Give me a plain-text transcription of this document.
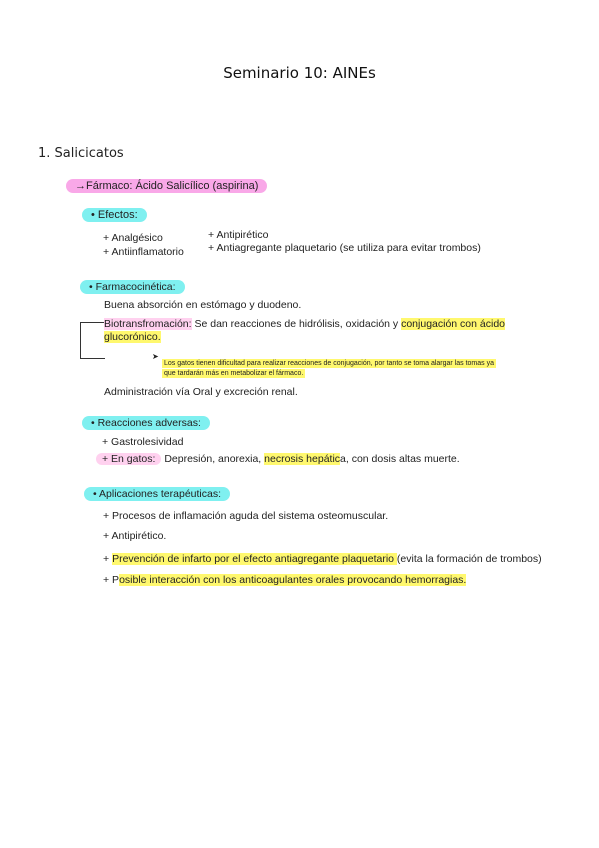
Seminario 10: AINEs
1. Salicicatos
→Fármaco: Ácido Salicílico (aspirina)
• Efectos:
+ Analgésico
+ Antiinflamatorio
+ Antipirético
+ Antiagregante plaquetario (se utiliza para evitar trombos)
• Farmacocinética:
Buena absorción en estómago y duodeno.
➤
Biotransfromación: Se dan reacciones de hidrólisis, oxidación y conjugación con ácido
glucorónico.
Los gatos tienen dificultad para realizar reacciones de conjugación, por tanto se toma alargar las tomas ya
que tardarán más en metabolizar el fármaco.
Administración vía Oral y excreción renal.
• Reacciones adversas:
+ Gastrolesividad
+ En gatos: Depresión, anorexia, necrosis hepática, con dosis altas muerte.
• Aplicaciones terapéuticas:
+ Procesos de inflamación aguda del sistema osteomuscular.
+ Antipirético.
+ Prevención de infarto por el efecto antiagregante plaquetario (evita la formación de trombos)
+ Posible interacción con los anticoagulantes orales provocando hemorragias.
